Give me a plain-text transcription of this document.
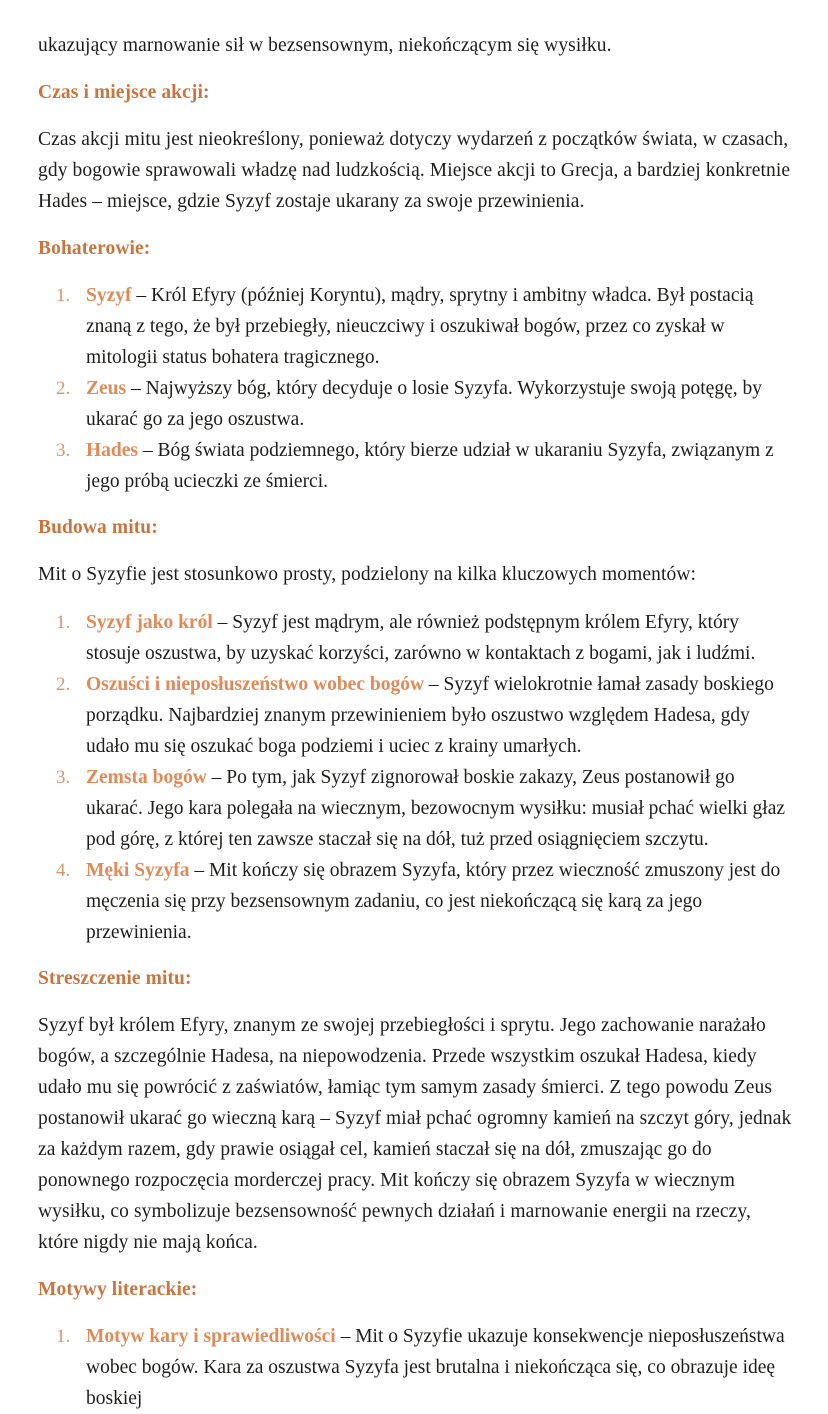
ukazujący marnowanie sił w bezsensownym, niekończącym się wysiłku.

Czas i miejsce akcji:

Czas akcji mitu jest nieokreślony, ponieważ dotyczy wydarzeń z początków świata, w czasach, gdy bogowie sprawowali władzę nad ludzkością. Miejsce akcji to Grecja, a bardziej konkretnie Hades – miejsce, gdzie Syzyf zostaje ukarany za swoje przewinienia.

Bohaterowie:
Syzyf – Król Efyry (później Koryntu), mądry, sprytny i ambitny władca. Był postacią znaną z tego, że był przebiegły, nieuczciwy i oszukiwał bogów, przez co zyskał w mitologii status bohatera tragicznego.
Zeus – Najwyższy bóg, który decyduje o losie Syzyfa. Wykorzystuje swoją potęgę, by ukarać go za jego oszustwa.
Hades – Bóg świata podziemnego, który bierze udział w ukaraniu Syzyfa, związanym z jego próbą ucieczki ze śmierci.
Budowa mitu:

Mit o Syzyfie jest stosunkowo prosty, podzielony na kilka kluczowych momentów:

Syzyf jako król – Syzyf jest mądrym, ale również podstępnym królem Efyry, który stosuje oszustwa, by uzyskać korzyści, zarówno w kontaktach z bogami, jak i ludźmi.
Oszuści i nieposłuszeństwo wobec bogów – Syzyf wielokrotnie łamał zasady boskiego porządku. Najbardziej znanym przewinieniem było oszustwo względem Hadesa, gdy udało mu się oszukać boga podziemi i uciec z krainy umarłych.
Zemsta bogów – Po tym, jak Syzyf zignorował boskie zakazy, Zeus postanowił go ukarać. Jego kara polegała na wiecznym, bezowocnym wysiłku: musiał pchać wielki głaz pod górę, z której ten zawsze staczał się na dół, tuż przed osiągnięciem szczytu.
Męki Syzyfa – Mit kończy się obrazem Syzyfa, który przez wieczność zmuszony jest do męczenia się przy bezsensownym zadaniu, co jest niekończącą się karą za jego przewinienia.
Streszczenie mitu:

Syzyf był królem Efyry, znanym ze swojej przebiegłości i sprytu. Jego zachowanie narażało bogów, a szczególnie Hadesa, na niepowodzenia. Przede wszystkim oszukał Hadesa, kiedy udało mu się powrócić z zaświatów, łamiąc tym samym zasady śmierci. Z tego powodu Zeus postanowił ukarać go wieczną karą – Syzyf miał pchać ogromny kamień na szczyt góry, jednak za każdym razem, gdy prawie osiągał cel, kamień staczał się na dół, zmuszając go do ponownego rozpoczęcia morderczej pracy. Mit kończy się obrazem Syzyfa w wiecznym wysiłku, co symbolizuje bezsensowność pewnych działań i marnowanie energii na rzeczy, które nigdy nie mają końca.

Motywy literackie:
Motyw kary i sprawiedliwości – Mit o Syzyfie ukazuje konsekwencje nieposłuszeństwa wobec bogów. Kara za oszustwa Syzyfa jest brutalna i niekończąca się, co obrazuje ideę boskiej
